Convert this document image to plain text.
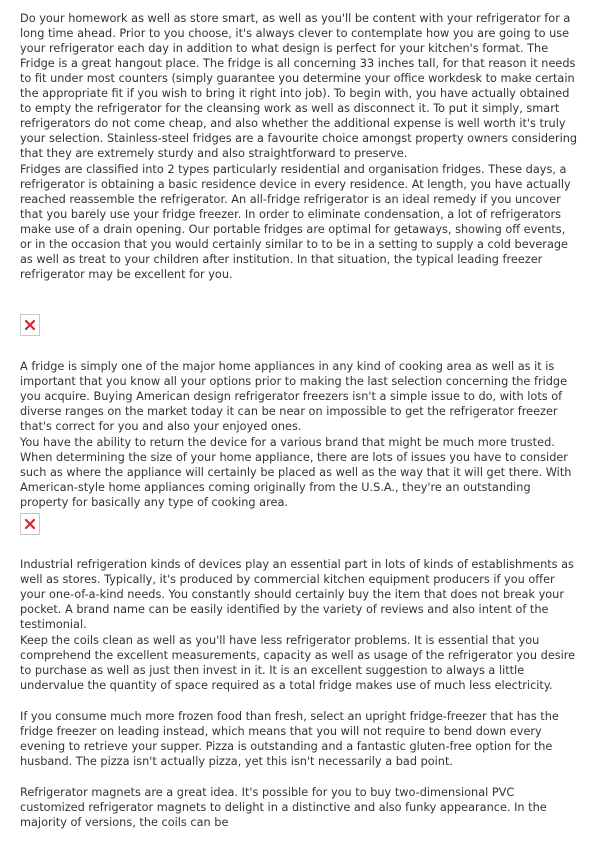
Do your homework as well as store smart, as well as you'll be content with your refrigerator for a long time ahead. Prior to you choose, it's always clever to contemplate how you are going to use your refrigerator each day in addition to what design is perfect for your kitchen's format. The Fridge is a great hangout place. The fridge is all concerning 33 inches tall, for that reason it needs to fit under most counters (simply guarantee you determine your office workdesk to make certain the appropriate fit if you wish to bring it right into job). To begin with, you have actually obtained to empty the refrigerator for the cleansing work as well as disconnect it. To put it simply, smart refrigerators do not come cheap, and also whether the additional expense is well worth it's truly your selection. Stainless-steel fridges are a favourite choice amongst property owners considering that they are extremely sturdy and also straightforward to preserve.

Fridges are classified into 2 types particularly residential and organisation fridges. These days, a refrigerator is obtaining a basic residence device in every residence. At length, you have actually reached reassemble the refrigerator. An all-fridge refrigerator is an ideal remedy if you uncover that you barely use your fridge freezer. In order to eliminate condensation, a lot of refrigerators make use of a drain opening. Our portable fridges are optimal for getaways, showing off events, or in the occasion that you would certainly similar to to be in a setting to supply a cold beverage as well as treat to your children after institution. In that situation, the typical leading freezer refrigerator may be excellent for you.

A fridge is simply one of the major home appliances in any kind of cooking area as well as it is important that you know all your options prior to making the last selection concerning the fridge you acquire. Buying American design refrigerator freezers isn't a simple issue to do, with lots of diverse ranges on the market today it can be near on impossible to get the refrigerator freezer that's correct for you and also your enjoyed ones.

You have the ability to return the device for a various brand that might be much more trusted. When determining the size of your home appliance, there are lots of issues you have to consider such as where the appliance will certainly be placed as well as the way that it will get there. With American-style home appliances coming originally from the U.S.A., they're an outstanding property for basically any type of cooking area.

Industrial refrigeration kinds of devices play an essential part in lots of kinds of establishments as well as stores. Typically, it's produced by commercial kitchen equipment producers if you offer your one-of-a-kind needs. You constantly should certainly buy the item that does not break your pocket. A brand name can be easily identified by the variety of reviews and also intent of the testimonial.

Keep the coils clean as well as you'll have less refrigerator problems. It is essential that you comprehend the excellent measurements, capacity as well as usage of the refrigerator you desire to purchase as well as just then invest in it. It is an excellent suggestion to always a little undervalue the quantity of space required as a total fridge makes use of much less electricity.

If you consume much more frozen food than fresh, select an upright fridge-freezer that has the fridge freezer on leading instead, which means that you will not require to bend down every evening to retrieve your supper. Pizza is outstanding and a fantastic gluten-free option for the husband. The pizza isn't actually pizza, yet this isn't necessarily a bad point.

Refrigerator magnets are a great idea. It's possible for you to buy two-dimensional PVC customized refrigerator magnets to delight in a distinctive and also funky appearance. In the majority of versions, the coils can be
